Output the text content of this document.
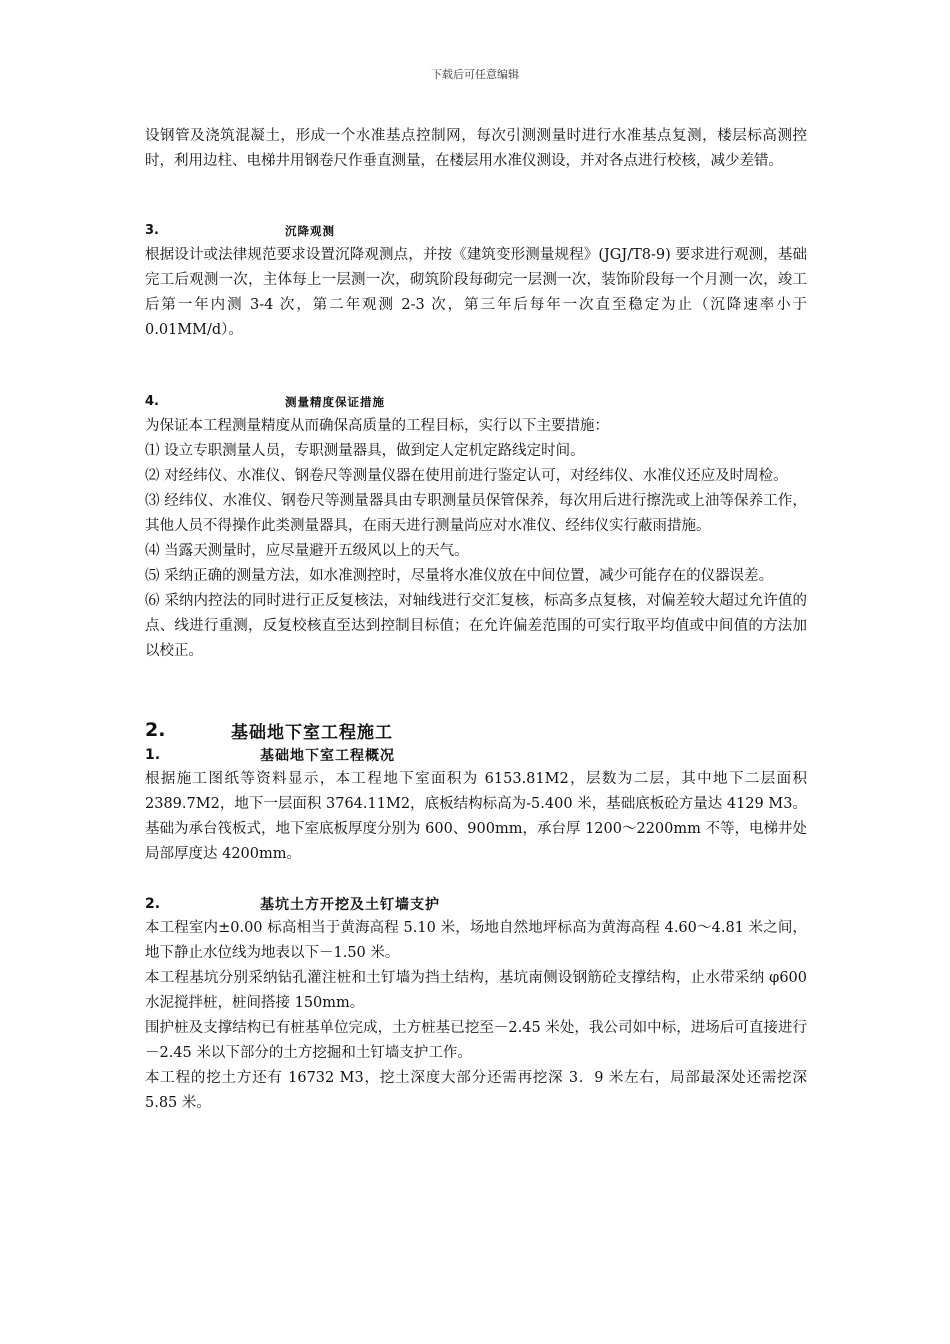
下载后可任意编辑

设钢管及浇筑混凝土，形成一个水准基点控制网，每次引测测量时进行水准基点复测，楼层标高测控时，利用边柱、电梯井用钢卷尺作垂直测量，在楼层用水准仪测设，并对各点进行校核，减少差错。

3.	沉降观测

根据设计或法律规范要求设置沉降观测点，并按《建筑变形测量规程》(JGJ/T8-9) 要求进行观测，基础完工后观测一次，主体每上一层测一次，砌筑阶段每砌完一层测一次，装饰阶段每一个月测一次，竣工后第一年内测 3-4 次，第二年观测 2-3 次，第三年后每年一次直至稳定为止（沉降速率小于 0.01MM/d）。

4.	测量精度保证措施

为保证本工程测量精度从而确保高质量的工程目标，实行以下主要措施：

⑴ 设立专职测量人员，专职测量器具，做到定人定机定路线定时间。

⑵ 对经纬仪、水准仪、钢卷尺等测量仪器在使用前进行鉴定认可，对经纬仪、水准仪还应及时周检。

⑶ 经纬仪、水准仪、钢卷尺等测量器具由专职测量员保管保养，每次用后进行擦洗或上油等保养工作，其他人员不得操作此类测量器具，在雨天进行测量尚应对水准仪、经纬仪实行蔽雨措施。

⑷ 当露天测量时，应尽量避开五级风以上的天气。

⑸ 采纳正确的测量方法，如水准测控时，尽量将水准仪放在中间位置，减少可能存在的仪器误差。

⑹ 采纳内控法的同时进行正反复核法，对轴线进行交汇复核，标高多点复核，对偏差较大超过允许值的点、线进行重测，反复校核直至达到控制目标值；在允许偏差范围的可实行取平均值或中间值的方法加以校正。

2.	基础地下室工程施工
1.	基础地下室工程概况

根据施工图纸等资料显示，本工程地下室面积为 6153.81M2，层数为二层，其中地下二层面积 2389.7M2，地下一层面积 3764.11M2，底板结构标高为-5.400 米，基础底板砼方量达 4129 M3。基础为承台筏板式，地下室底板厚度分别为 600、900mm，承台厚 1200～2200mm 不等，电梯井处局部厚度达 4200mm。

2.	基坑土方开挖及土钉墙支护

本工程室内±0.00 标高相当于黄海高程 5.10 米，场地自然地坪标高为黄海高程 4.60～4.81 米之间，地下静止水位线为地表以下－1.50 米。

本工程基坑分别采纳钻孔灌注桩和土钉墙为挡土结构，基坑南侧设钢筋砼支撑结构，止水带采纳 φ600 水泥搅拌桩，桩间搭接 150mm。

围护桩及支撑结构已有桩基单位完成，土方桩基已挖至－2.45 米处，我公司如中标，进场后可直接进行－2.45 米以下部分的土方挖掘和土钉墙支护工作。

本工程的挖土方还有 16732 M3，挖土深度大部分还需再挖深 3．9 米左右，局部最深处还需挖深 5.85 米。
